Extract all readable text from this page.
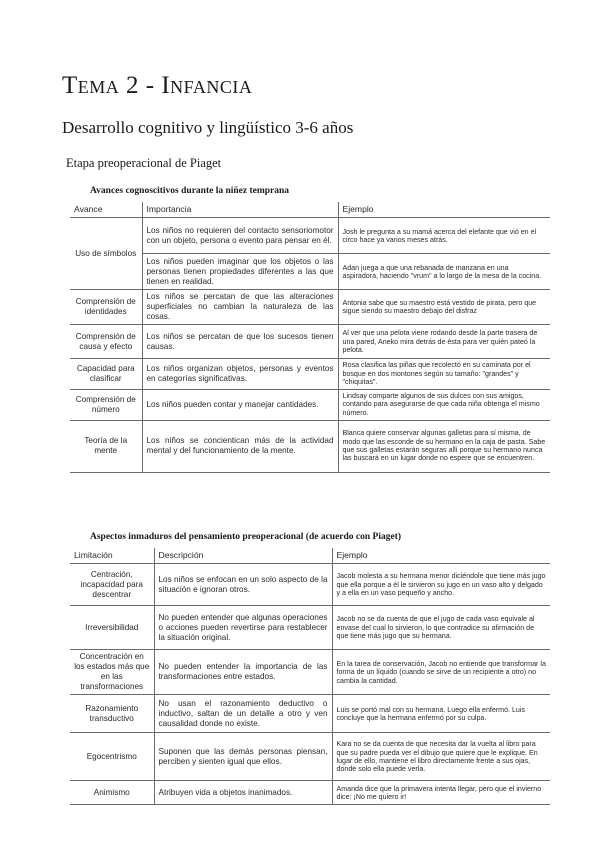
Tema 2 - Infancia
Desarrollo cognitivo y lingüístico 3-6 años
Etapa preoperacional de Piaget

Avances cognoscitivos durante la niñez temprana

Avance	Importancia	Ejemplo
Uso de símbolos	Los niños no requieren del contacto sensoriomotor con un objeto, persona o evento para pensar en él.	Josh le pregunta a su mamá acerca del elefante que vió en el circo hace ya varios meses atrás.
	Los niños pueden imaginar que los objetos o las personas tienen propiedades diferentes a las que tienen en realidad.	Adan juega a que una rebanada de manzana en una aspiradora, haciendo "vrum" a lo largo de la mesa de la cocina.
Comprensión de identidades	Los niños se percatan de que las alteraciones superficiales no cambian la naturaleza de las cosas.	Antonia sabe que su maestro está vestido de pirata, pero que sigue siendo su maestro debajo del disfraz
Comprensión de causa y efecto	Los niños se percatan de que los sucesos tienen causas.	Al ver que una pelota viene rodando desde la parte trasera de una pared, Aneko mira detrás de ésta para ver quién pateó la pelota.
Capacidad para clasificar	Los niños organizan objetos, personas y eventos en categorías significativas.	Rosa clasifica las piñas que recolectó en su caminata por el bosque en dos montones según su tamaño: "grandes" y "chiquitas".
Comprensión de número	Los niños pueden contar y manejar cantidades.	Lindsay comparte algunos de sus dulces con sus amigos, contando para asegurarse de que cada niña obtenga el mismo número.
Teoría de la mente	Los niños se concientican más de la actividad mental y del funcionamiento de la mente.	Blanca quiere conservar algunas galletas para sí misma, de modo que las esconde de su hermano en la caja de pasta. Sabe que sus galletas estarán seguras allí porque su hermano nunca las buscará en un lugar donde no espere que se encuentren.

Aspectos inmaduros del pensamiento preoperacional (de acuerdo con Piaget)

Limitación	Descripción	Ejemplo
Centración, incapacidad para descentrar	Los niños se enfocan en un solo aspecto de la situación e ignoran otros.	Jacob molesta a su hermana menor diciéndole que tiene más jugo que ella porque a él le sirvieron su jugo en un vaso alto y delgado y a ella en un vaso pequeño y ancho.
Irreversibilidad	No pueden entender que algunas operaciones o acciones pueden revertirse para restablecer la situación original.	Jacob no se da cuenta de que el jugo de cada vaso equivale al envase del cual lo sirvieron, lo que contradice su afirmación de que tiene más jugo que su hermana.
Concentración en los estados más que en las transformaciones	No pueden entender la importancia de las transformaciones entre estados.	En la tarea de conservación, Jacob no entiende que transformar la forma de un líquido (cuando se sirve de un recipiente a otro) no cambia la cantidad.
Razonamiento transductivo	No usan el razonamiento deductivo o inductivo, saltan de un detalle a otro y ven causalidad donde no existe.	Luis se portó mal con su hermana. Luego ella enfermó. Luis concluye que la hermana enfermó por su culpa.
Egocentrismo	Suponen que las demás personas piensan, perciben y sienten igual que ellos.	Kara no se da cuenta de que necesita dar la vuelta al libro para que su padre pueda ver el dibujo que quiere que le explique. En lugar de ello, mantiene el libro directamente frente a sus ojas, donde solo ella puede verla.
Animismo	Atribuyen vida a objetos inanimados.	Amanda dice que la primavera intenta llegar, pero que el invierno dice: ¡No me quiero ir!
